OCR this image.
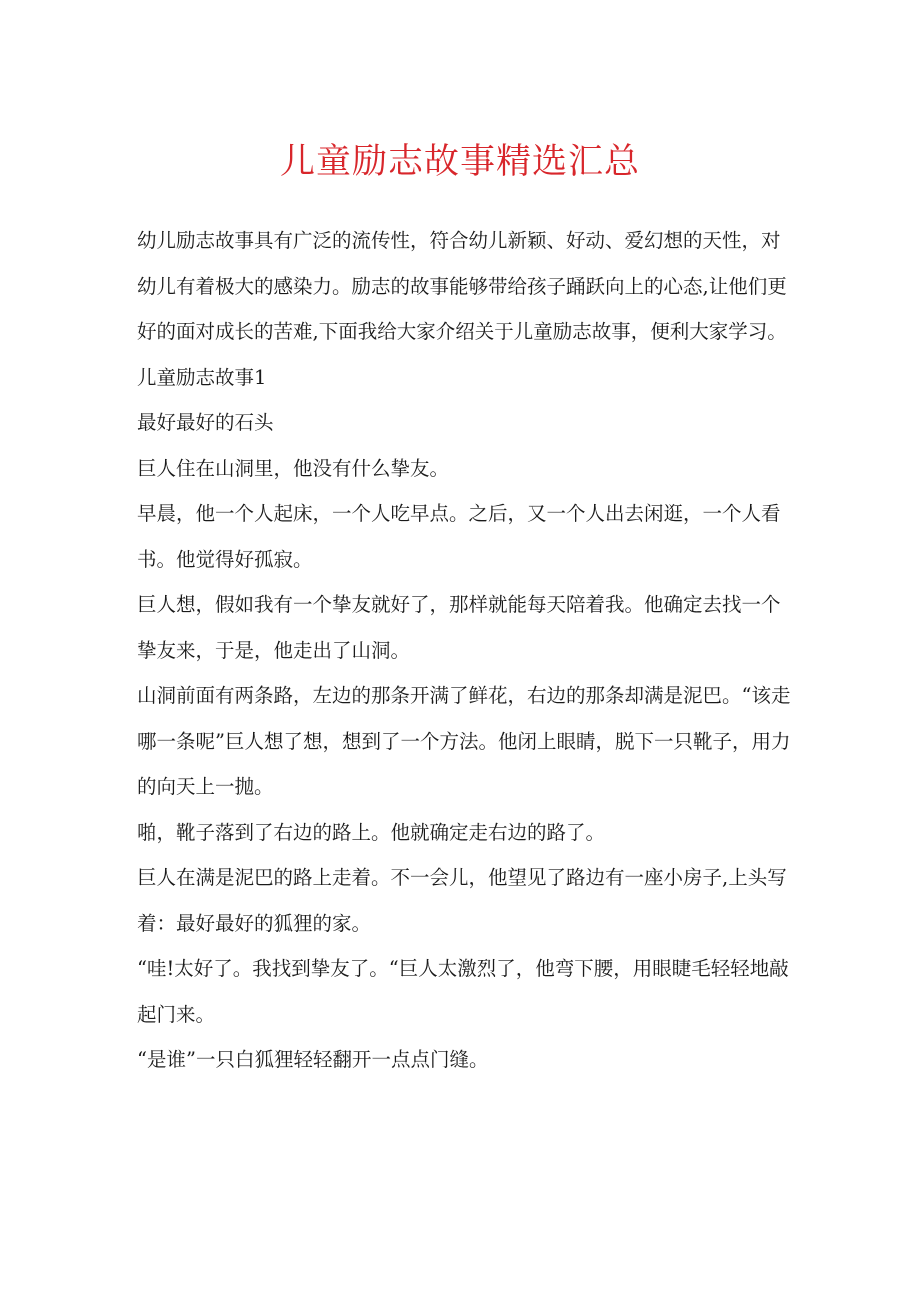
儿童励志故事精选汇总

幼儿励志故事具有广泛的流传性，符合幼儿新颖、好动、爱幻想的天性，对幼儿有着极大的感染力。励志的故事能够带给孩子踊跃向上的心态,让他们更好的面对成长的苦难,下面我给大家介绍关于儿童励志故事，便利大家学习。

儿童励志故事1

最好最好的石头

巨人住在山洞里，他没有什么挚友。

早晨，他一个人起床，一个人吃早点。之后，又一个人出去闲逛，一个人看书。他觉得好孤寂。

巨人想，假如我有一个挚友就好了，那样就能每天陪着我。他确定去找一个挚友来，于是，他走出了山洞。

山洞前面有两条路，左边的那条开满了鲜花，右边的那条却满是泥巴。“该走哪一条呢”巨人想了想，想到了一个方法。他闭上眼睛，脱下一只靴子，用力的向天上一抛。

啪，靴子落到了右边的路上。他就确定走右边的路了。

巨人在满是泥巴的路上走着。不一会儿，他望见了路边有一座小房子,上头写着：最好最好的狐狸的家。

“哇!太好了。我找到挚友了。“巨人太激烈了，他弯下腰，用眼睫毛轻轻地敲起门来。

“是谁”一只白狐狸轻轻翻开一点点门缝。
